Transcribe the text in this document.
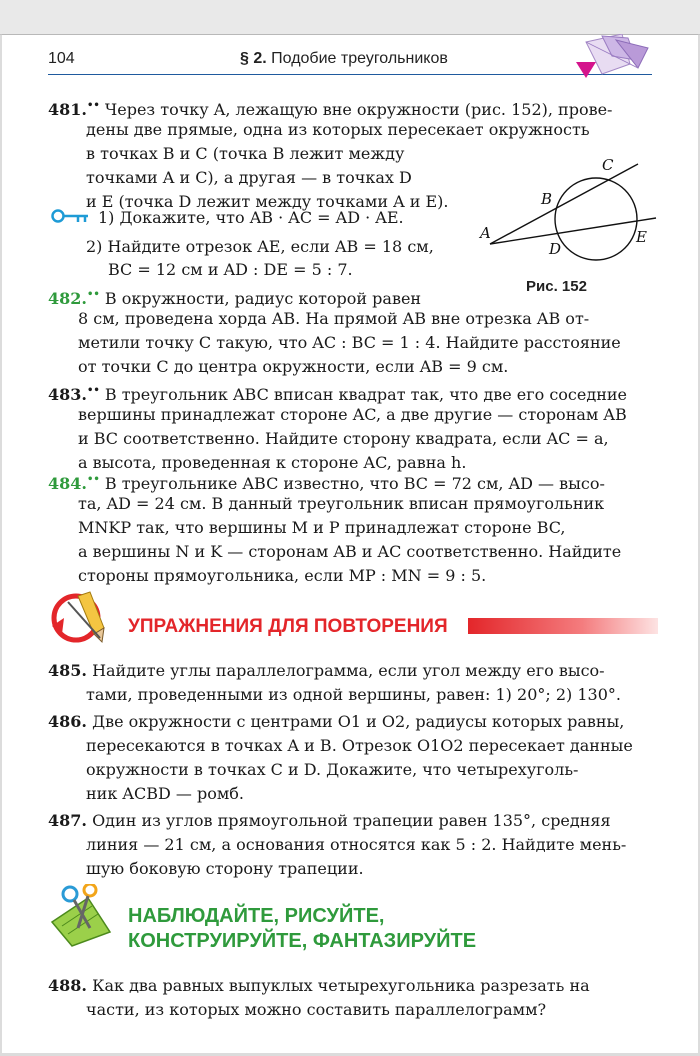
104	§ 2. Подобие треугольников
481.•• Через точку A, лежащую вне окружности (рис. 152), прове-
дены две прямые, одна из которых пересекает окружность
в точках B и C (точка B лежит между
точками A и C), а другая — в точках D
и E (точка D лежит между точками A и E).
1) Докажите, что AB · AC = AD · AE.
2) Найдите отрезок AE, если AB = 18 см,
BC = 12 см и AD : DE = 5 : 7.
A
B
C
D
E
Рис. 152
482.•• В окружности, радиус которой равен
8 см, проведена хорда AB. На прямой AB вне отрезка AB от-
метили точку C такую, что AC : BC = 1 : 4. Найдите расстояние
от точки C до центра окружности, если AB = 9 см.
483.•• В треугольник ABC вписан квадрат так, что две его соседние
вершины принадлежат стороне AC, а две другие — сторонам AB
и BC соответственно. Найдите сторону квадрата, если AC = a,
а высота, проведенная к стороне AC, равна h.
484.•• В треугольнике ABC известно, что BC = 72 см, AD — высо-
та, AD = 24 см. В данный треугольник вписан прямоугольник
MNKP так, что вершины M и P принадлежат стороне BC,
а вершины N и K — сторонам AB и AC соответственно. Найдите
стороны прямоугольника, если MP : MN = 9 : 5.
УПРАЖНЕНИЯ ДЛЯ ПОВТОРЕНИЯ
485. Найдите углы параллелограмма, если угол между его высо-
тами, проведенными из одной вершины, равен: 1) 20°; 2) 130°.
486. Две окружности с центрами O1 и O2, радиусы которых равны,
пересекаются в точках A и B. Отрезок O1O2 пересекает данные
окружности в точках C и D. Докажите, что четырехуголь-
ник ACBD — ромб.
487. Один из углов прямоугольной трапеции равен 135°, средняя
линия — 21 см, а основания относятся как 5 : 2. Найдите мень-
шую боковую сторону трапеции.
НАБЛЮДАЙТЕ, РИСУЙТЕ,
КОНСТРУИРУЙТЕ, ФАНТАЗИРУЙТЕ
488. Как два равных выпуклых четырехугольника разрезать на
части, из которых можно составить параллелограмм?
